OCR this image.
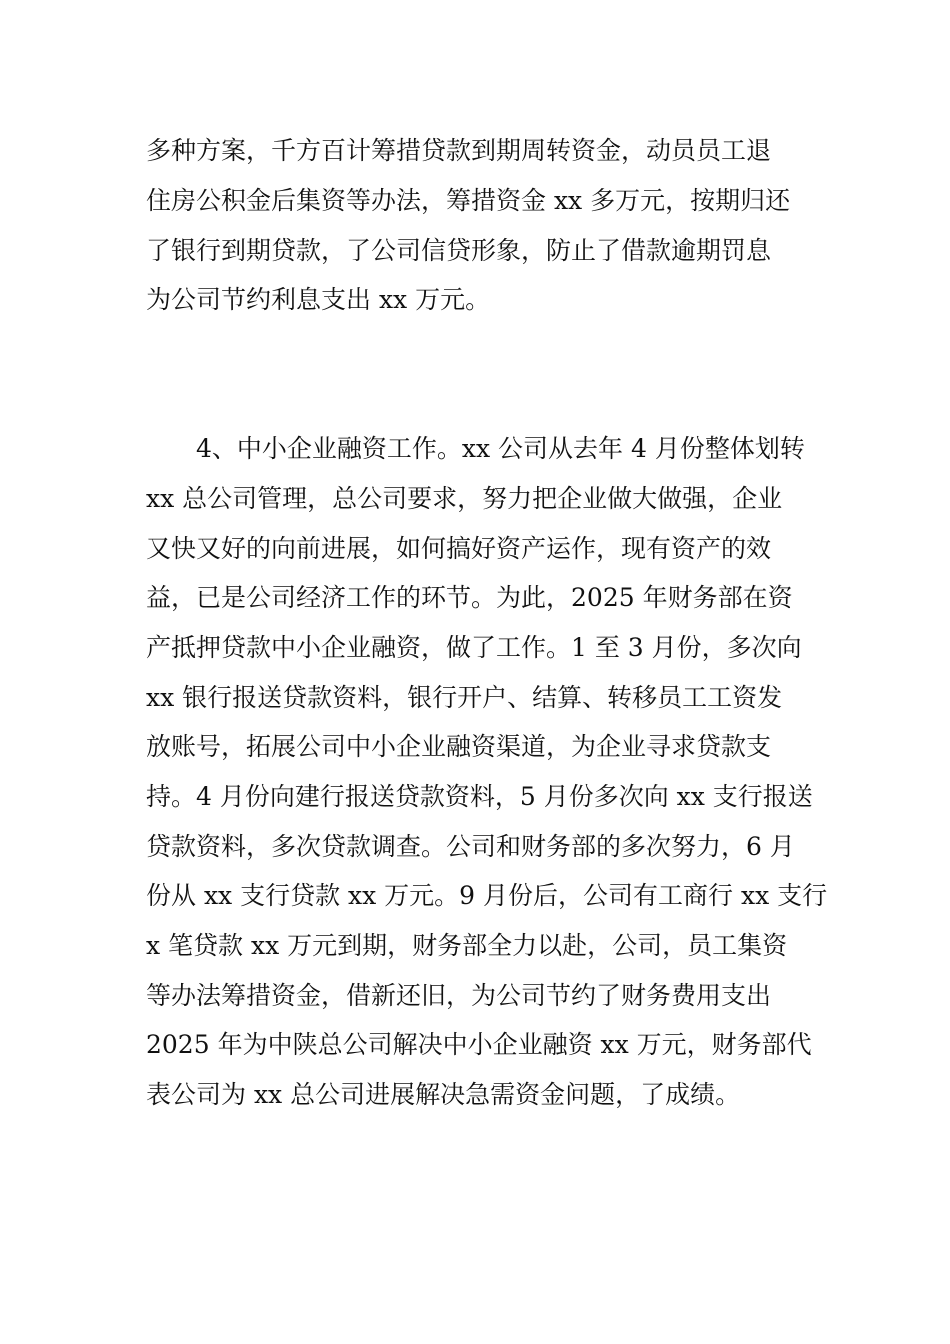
多种方案，千方百计筹措贷款到期周转资金，动员员工退

住房公积金后集资等办法，筹措资金 xx 多万元，按期归还

了银行到期贷款，了公司信贷形象，防止了借款逾期罚息

为公司节约利息支出 xx 万元。

4、中小企业融资工作。xx 公司从去年 4 月份整体划转

xx 总公司管理，总公司要求，努力把企业做大做强，企业

又快又好的向前进展，如何搞好资产运作，现有资产的效

益，已是公司经济工作的环节。为此，2025 年财务部在资

产抵押贷款中小企业融资，做了工作。1 至 3 月份，多次向

xx 银行报送贷款资料，银行开户、结算、转移员工工资发

放账号，拓展公司中小企业融资渠道，为企业寻求贷款支

持。4 月份向建行报送贷款资料，5 月份多次向 xx 支行报送

贷款资料，多次贷款调查。公司和财务部的多次努力，6 月

份从 xx 支行贷款 xx 万元。9 月份后，公司有工商行 xx 支行

x 笔贷款 xx 万元到期，财务部全力以赴，公司，员工集资

等办法筹措资金，借新还旧，为公司节约了财务费用支出

2025 年为中陕总公司解决中小企业融资 xx 万元，财务部代

表公司为 xx 总公司进展解决急需资金问题，了成绩。
